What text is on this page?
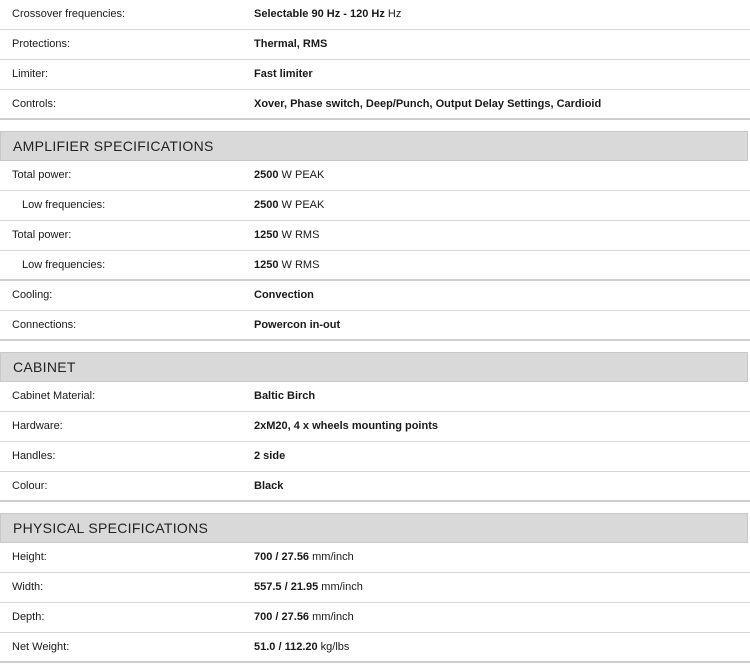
Crossover frequencies:	Selectable 90 Hz - 120 Hz Hz
Protections:	Thermal, RMS
Limiter:	Fast limiter
Controls:	Xover, Phase switch, Deep/Punch, Output Delay Settings, Cardioid
AMPLIFIER SPECIFICATIONS
Total power:	2500 W PEAK
Low frequencies:	2500 W PEAK
Total power:	1250 W RMS
Low frequencies:	1250 W RMS
Cooling:	Convection
Connections:	Powercon in-out
CABINET
Cabinet Material:	Baltic Birch
Hardware:	2xM20, 4 x wheels mounting points
Handles:	2 side
Colour:	Black
PHYSICAL SPECIFICATIONS
Height:	700 / 27.56 mm/inch
Width:	557.5 / 21.95 mm/inch
Depth:	700 / 27.56 mm/inch
Net Weight:	51.0 / 112.20 kg/lbs
